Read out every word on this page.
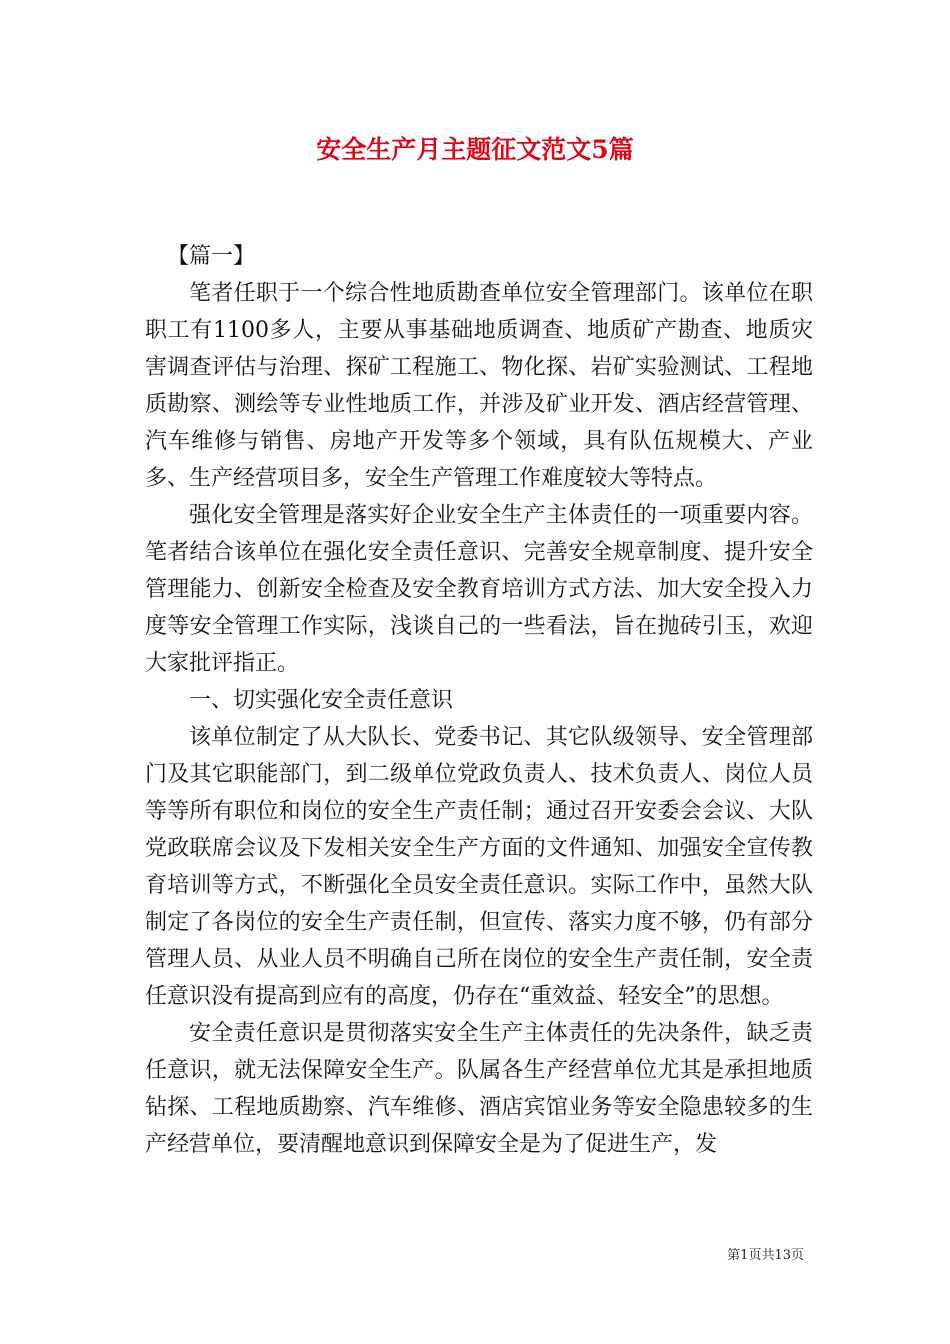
安全生产月主题征文范文5篇

【篇一】

笔者任职于一个综合性地质勘查单位安全管理部门。该单位在职职工有1100多人，主要从事基础地质调查、地质矿产勘查、地质灾害调查评估与治理、探矿工程施工、物化探、岩矿实验测试、工程地质勘察、测绘等专业性地质工作，并涉及矿业开发、酒店经营管理、汽车维修与销售、房地产开发等多个领域，具有队伍规模大、产业多、生产经营项目多，安全生产管理工作难度较大等特点。

强化安全管理是落实好企业安全生产主体责任的一项重要内容。笔者结合该单位在强化安全责任意识、完善安全规章制度、提升安全管理能力、创新安全检查及安全教育培训方式方法、加大安全投入力度等安全管理工作实际，浅谈自己的一些看法，旨在抛砖引玉，欢迎大家批评指正。

一、切实强化安全责任意识

该单位制定了从大队长、党委书记、其它队级领导、安全管理部门及其它职能部门，到二级单位党政负责人、技术负责人、岗位人员等等所有职位和岗位的安全生产责任制；通过召开安委会会议、大队党政联席会议及下发相关安全生产方面的文件通知、加强安全宣传教育培训等方式，不断强化全员安全责任意识。实际工作中，虽然大队制定了各岗位的安全生产责任制，但宣传、落实力度不够，仍有部分管理人员、从业人员不明确自己所在岗位的安全生产责任制，安全责任意识没有提高到应有的高度，仍存在“重效益、轻安全”的思想。

安全责任意识是贯彻落实安全生产主体责任的先决条件，缺乏责任意识，就无法保障安全生产。队属各生产经营单位尤其是承担地质钻探、工程地质勘察、汽车维修、酒店宾馆业务等安全隐患较多的生产经营单位，要清醒地意识到保障安全是为了促进生产，发

第1页共13页
